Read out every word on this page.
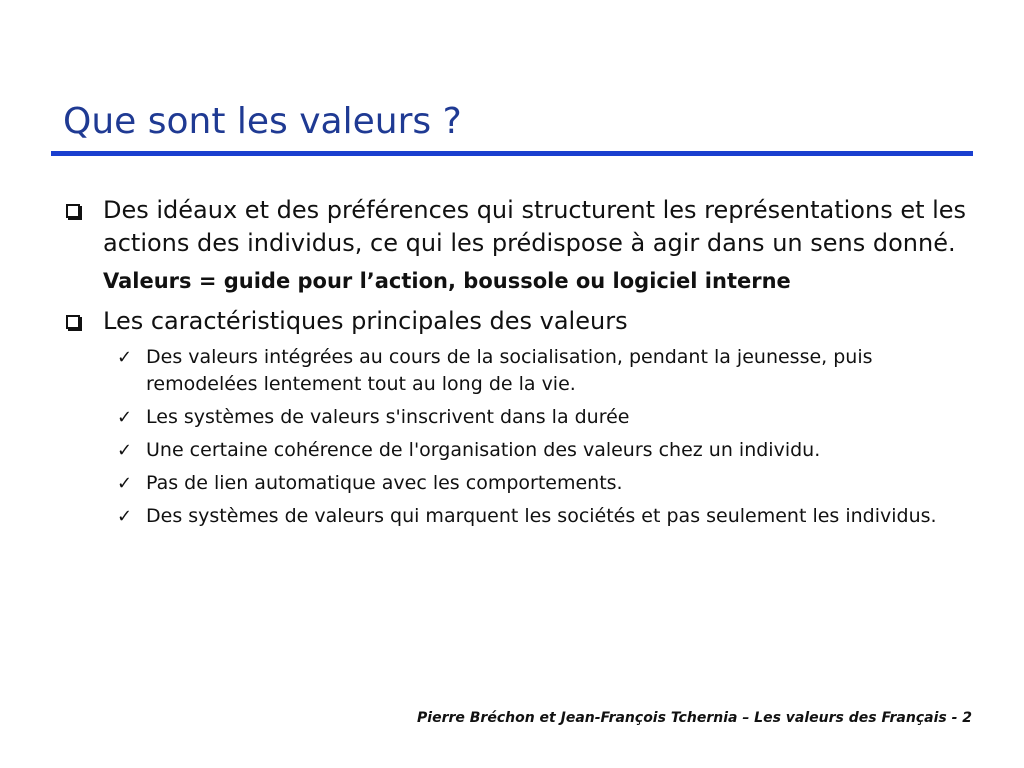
Que sont les valeurs ?
Des idéaux et des préférences qui structurent les représentations et les actions des individus, ce qui les prédispose à agir dans un sens donné.
Valeurs = guide pour l’action, boussole ou logiciel interne
Les caractéristiques principales des valeurs
✓ Des valeurs intégrées au cours de la socialisation, pendant la jeunesse, puis remodelées lentement tout au long de la vie.
✓ Les systèmes de valeurs s'inscrivent dans la durée
✓ Une certaine cohérence de l'organisation des valeurs chez un individu.
✓ Pas de lien automatique avec les comportements.
✓ Des systèmes de valeurs qui marquent les sociétés et pas seulement les individus.
Pierre Bréchon et Jean-François Tchernia – Les valeurs des Français - 2
